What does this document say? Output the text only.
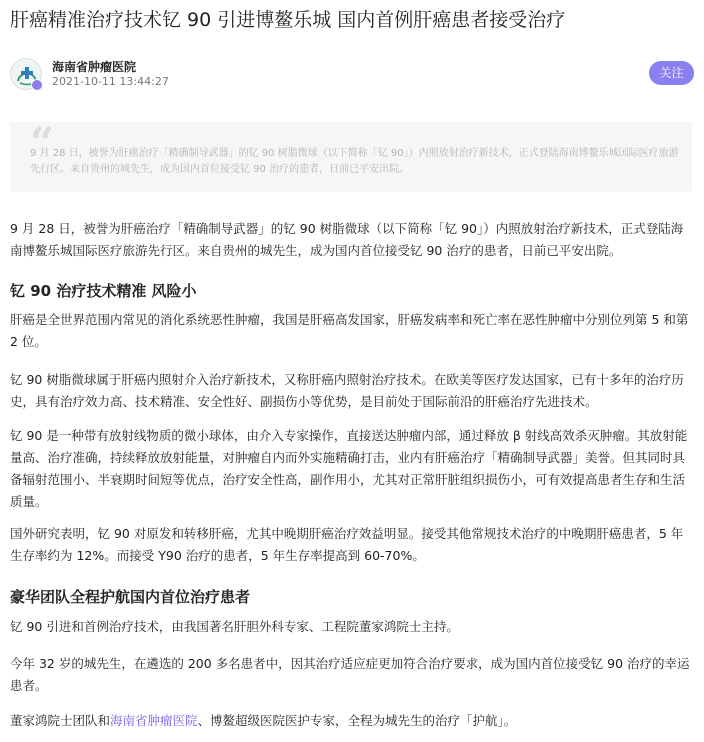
肝癌精准治疗技术钇 90 引进博鳌乐城 国内首例肝癌患者接受治疗
海南省肿瘤医院
2021-10-11 13:44:27
关注
“

9 月 28 日，被誉为肝癌治疗「精确制导武器」的钇 90 树脂微球（以下简称「钇 90」）内照放射治疗新技术，正式登陆海南博鳌乐城国际医疗旅游先行区。来自贵州的城先生，成为国内首位接受钇 90 治疗的患者，日前已平安出院。

9 月 28 日，被誉为肝癌治疗「精确制导武器」的钇 90 树脂微球（以下简称「钇 90」）内照放射治疗新技术，正式登陆海南博鳌乐城国际医疗旅游先行区。来自贵州的城先生，成为国内首位接受钇 90 治疗的患者，日前已平安出院。

钇 90 治疗技术精准 风险小

肝癌是全世界范围内常见的消化系统恶性肿瘤，我国是肝癌高发国家，肝癌发病率和死亡率在恶性肿瘤中分别位列第 5 和第 2 位。

钇 90 树脂微球属于肝癌内照射介入治疗新技术，又称肝癌内照射治疗技术。在欧美等医疗发达国家，已有十多年的治疗历史，具有治疗效力高、技术精准、安全性好、副损伤小等优势，是目前处于国际前沿的肝癌治疗先进技术。

钇 90 是一种带有放射线物质的微小球体，由介入专家操作，直接送达肿瘤内部，通过释放 β 射线高效杀灭肿瘤。其放射能量高、治疗准确，持续释放放射能量，对肿瘤自内而外实施精确打击，业内有肝癌治疗「精确制导武器」美誉。但其同时具备辐射范围小、半衰期时间短等优点，治疗安全性高，副作用小，尤其对正常肝脏组织损伤小，可有效提高患者生存和生活质量。

国外研究表明，钇 90 对原发和转移肝癌，尤其中晚期肝癌治疗效益明显。接受其他常规技术治疗的中晚期肝癌患者，5 年生存率约为 12%。而接受 Y90 治疗的患者，5 年生存率提高到 60-70%。

豪华团队全程护航国内首位治疗患者

钇 90 引进和首例治疗技术，由我国著名肝胆外科专家、工程院董家鸿院士主持。

今年 32 岁的城先生，在遴选的 200 多名患者中，因其治疗适应症更加符合治疗要求，成为国内首位接受钇 90 治疗的幸运患者。

董家鸿院士团队和海南省肿瘤医院、博鳌超级医院医护专家，全程为城先生的治疗「护航」。
